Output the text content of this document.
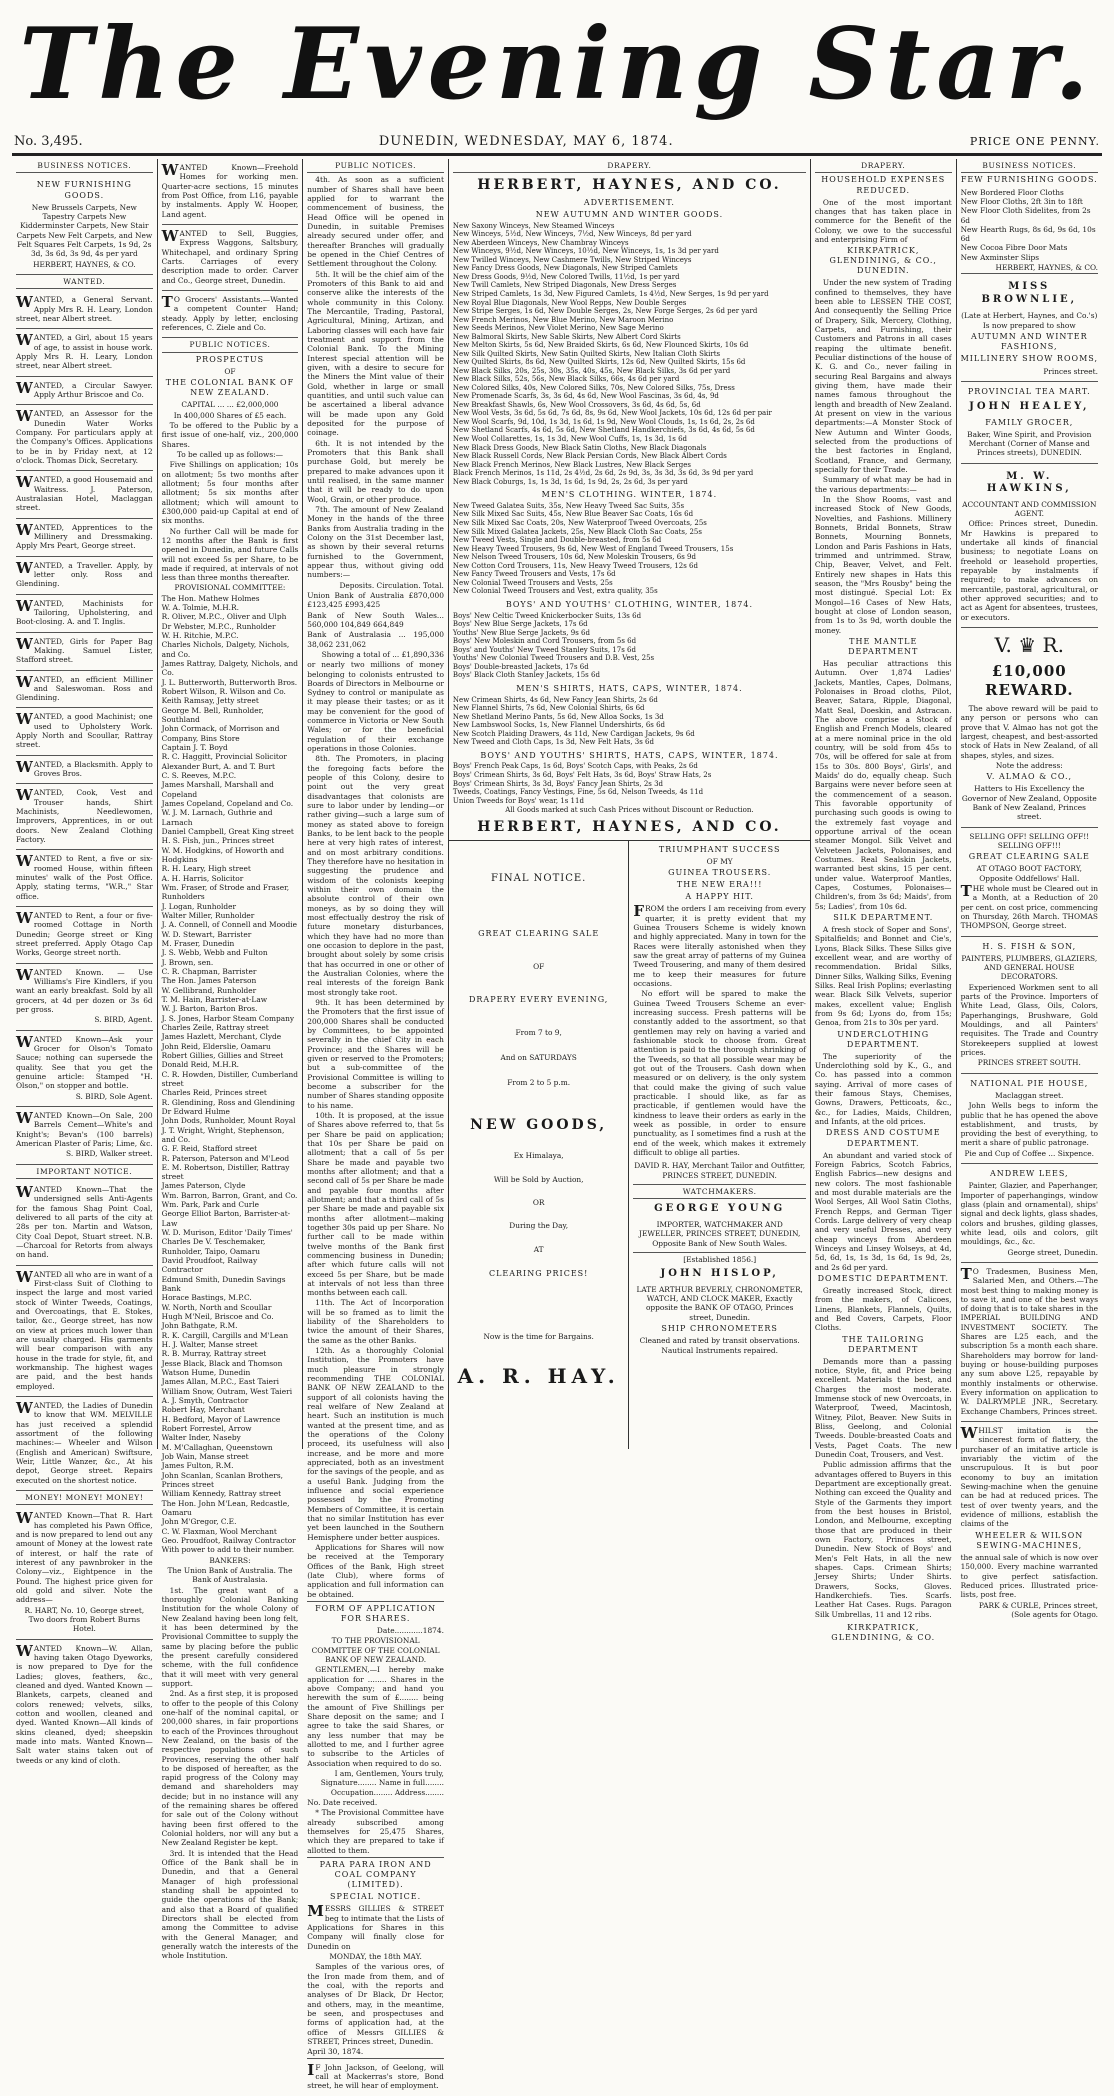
The Evening Star.
No. 3,495.	DUNEDIN, WEDNESDAY, MAY 6, 1874.	PRICE ONE PENNY.
BUSINESS NOTICES.
NEW FURNISHING GOODS.
New Brussels Carpets, New Tapestry Carpets New Kidderminster Carpets, New Stair Carpets New Felt Carpets, and New Felt Squares Felt Carpets, 1s 9d, 2s 3d, 3s 6d, 3s 9d, 4s per yard
HERBERT, HAYNES, & CO.
WANTED.
WANTED, a General Servant. Apply Mrs R. H. Leary, London street, near Albert street.
WANTED, a Girl, about 15 years of age, to assist in house work. Apply Mrs R. H. Leary, London street, near Albert street.
WANTED, a Circular Sawyer. Apply Arthur Briscoe and Co.
WANTED, an Assessor for the Dunedin Water Works Company. For particulars apply at the Company's Offices. Applications to be in by Friday next, at 12 o'clock. Thomas Dick, Secretary.
WANTED, a good Housemaid and Waitress. J. Paterson, Australasian Hotel, Maclaggan street.
WANTED, Apprentices to the Millinery and Dressmaking. Apply Mrs Peart, George street.
WANTED, a Traveller. Apply, by letter only. Ross and Glendining.
WANTED, Machinists for Tailoring, Upholstering, and Boot-closing. A. and T. Inglis.
WANTED, Girls for Paper Bag Making. Samuel Lister, Stafford street.
WANTED, an efficient Milliner and Saleswoman. Ross and Glendining.
WANTED, a good Machinist; one used to Upholstery Work. Apply North and Scoullar, Rattray street.
WANTED, a Blacksmith. Apply to Groves Bros.
WANTED, Cook, Vest and Trouser hands, Shirt Machinists, Needlewomen, Improvers, Apprentices, in or out doors. New Zealand Clothing Factory.
WANTED to Rent, a five or six-roomed House, within fifteen minutes' walk of the Post Office. Apply, stating terms, "W.R.," Star office.
WANTED to Rent, a four or five-roomed Cottage in North Dunedin; George street or King street preferred. Apply Otago Cap Works, George street north.
WANTED Known. — Use Williams's Fire Kindlers, if you want an early breakfast. Sold by all grocers, at 4d per dozen or 3s 6d per gross.
S. BIRD, Agent.
WANTED Known—Ask your Grocer for Olson's Tomato Sauce; nothing can supersede the quality. See that you get the genuine article: Stamped "H. Olson," on stopper and bottle.
S. BIRD, Sole Agent.
WANTED Known—On Sale, 200 Barrels Cement—White's and Knight's; Bevan's (100 barrels) American Plaster of Paris; Lime, &c.
S. BIRD, Walker street.
IMPORTANT NOTICE.
WANTED Known—That the undersigned sells Anti-Agents for the famous Shag Point Coal, delivered to all parts of the city at 28s per ton. Martin and Watson, City Coal Depot, Stuart street. N.B.—Charcoal for Retorts from always on hand.
WANTED all who are in want of a First-class Suit of Clothing to inspect the large and most varied stock of Winter Tweeds, Coatings, and Overcoatings, that E. Stokes, tailor, &c., George street, has now on view at prices much lower than are usually charged. His garments will bear comparison with any house in the trade for style, fit, and workmanship. The highest wages are paid, and the best hands employed.
WANTED, the Ladies of Dunedin to know that WM. MELVILLE has just received a splendid assortment of the following machines:— Wheeler and Wilson (English and American) Swiftsure, Weir, Little Wanzer, &c., At his depot, George street. Repairs executed on the shortest notice.
MONEY! MONEY! MONEY!
WANTED Known—That R. Hart has completed his Pawn Office, and is now prepared to lend out any amount of Money at the lowest rate of interest, or half the rate of interest of any pawnbroker in the Colony—viz., Eightpence in the Pound. The highest price given for old gold and silver. Note the address—
R. HART, No. 10, George street, Two doors from Robert Burns Hotel.
WANTED Known—W. Allan, having taken Otago Dyeworks, is now prepared to Dye for the Ladies; gloves, feathers, &c., cleaned and dyed. Wanted Known — Blankets, carpets, cleaned and colors renewed; velvets, silks, cotton and woollen, cleaned and dyed. Wanted Known—All kinds of skins cleaned, dyed; sheepskin made into mats. Wanted Known—Salt water stains taken out of tweeds or any kind of cloth.
WANTED Known—Freehold Homes for working men. Quarter-acre sections, 15 minutes from Post Office, from L16, payable by instalments. Apply W. Hooper, Land agent.
WANTED to Sell, Buggies, Express Waggons, Saltsbury, Whitechapel, and ordinary Spring Carts. Carriages of every description made to order. Carver and Co., George street, Dunedin.
TO Grocers' Assistants.—Wanted a competent Counter Hand; steady. Apply by letter, enclosing references, C. Ziele and Co.
PUBLIC NOTICES.
PROSPECTUS
OF
THE COLONIAL BANK OF NEW ZEALAND.
CAPITAL ... ... £2,000,000
In 400,000 Shares of £5 each.
To be offered to the Public by a first issue of one-half, viz., 200,000 Shares.
To be called up as follows:—
Five Shillings on application; 10s on allotment; 5s two months after allotment; 5s four months after allotment; 5s six months after allotment; which will amount to £300,000 paid-up Capital at end of six months.
No further Call will be made for 12 months after the Bank is first opened in Dunedin, and future Calls will not exceed 5s per Share, to be made if required, at intervals of not less than three months thereafter.
PROVISIONAL COMMITTEE:
The Hon. Mathew Holmes
W. A. Tolmie, M.H.R.
R. Oliver, M.P.C., Oliver and Ulph
Dr Webster, M.P.C., Runholder
W. H. Ritchie, M.P.C.
Charles Nichols, Dalgety, Nichols, and Co.
James Rattray, Dalgety, Nichols, and Co.
J. L. Butterworth, Butterworth Bros.
Robert Wilson, R. Wilson and Co.
Keith Ramsay, Jetty street
George M. Bell, Runholder, Southland
John Cormack, of Morrison and Company, Bins Store
Captain J. T. Boyd
R. C. Haggitt, Provincial Solicitor
Alexander Burt, A. and T. Burt
C. S. Reeves, M.P.C.
James Marshall, Marshall and Copeland
James Copeland, Copeland and Co.
W. J. M. Larnach, Guthrie and Larnach
Daniel Campbell, Great King street
H. S. Fish, jun., Princes street
W. M. Hodgkins, of Howorth and Hodgkins
R. H. Leary, High street
A. H. Harris, Solicitor
Wm. Fraser, of Strode and Fraser, Runholders
J. Logan, Runholder
Walter Miller, Runholder
J. A. Connell, of Connell and Moodie
W. D. Stewart, Barrister
M. Fraser, Dunedin
J. S. Webb, Webb and Fulton
J. Brown, sen.
C. R. Chapman, Barrister
The Hon. James Paterson
W. Gellibrand, Runholder
T. M. Hain, Barrister-at-Law
W. J. Barton, Barton Bros.
J. S. Jones, Harbor Steam Company
Charles Zeile, Rattray street
James Hazlett, Merchant, Clyde
John Reid, Elderslie, Oamaru
Robert Gillies, Gillies and Street
Donald Reid, M.H.R.
C. R. Howden, Distiller, Cumberland street
Charles Reid, Princes street
R. Glendining, Ross and Glendining
Dr Edward Hulme
John Dods, Runholder, Mount Royal
J. T. Wright, Wright, Stephenson, and Co.
G. F. Reid, Stafford street
R. Paterson, Paterson and M'Leod
E. M. Robertson, Distiller, Rattray street
James Paterson, Clyde
Wm. Barron, Barron, Grant, and Co.
Wm. Park, Park and Curle
George Elliot Barton, Barrister-at-Law
W. D. Murison, Editor 'Daily Times'
Charles De V. Teschemaker, Runholder, Taipo, Oamaru
David Proudfoot, Railway Contractor
Edmund Smith, Dunedin Savings Bank
Horace Bastings, M.P.C.
W. North, North and Scoullar
Hugh M'Neil, Briscoe and Co.
John Bathgate, R.M.
R. K. Cargill, Cargills and M'Lean
H. J. Walter, Manse street
R. B. Murray, Rattray street
Jesse Black, Black and Thomson
Watson Hume, Dunedin
James Allan, M.P.C., East Taieri
William Snow, Outram, West Taieri
A. J. Smyth, Contractor
Robert Hay, Merchant
H. Bedford, Mayor of Lawrence
Robert Forrestel, Arrow
Walter Inder, Naseby
M. M'Callaghan, Queenstown
Job Wain, Manse street
James Fulton, R.M.
John Scanlan, Scanlan Brothers, Princes street
William Kennedy, Rattray street
The Hon. John M'Lean, Redcastle, Oamaru
John M'Gregor, C.E.
C. W. Flaxman, Wool Merchant
Geo. Proudfoot, Railway Contractor
With power to add to their number.
BANKERS:
The Union Bank of Australia. The Bank of Australasia.
1st. The great want of a thoroughly Colonial Banking Institution for the whole Colony of New Zealand having been long felt, it has been determined by the Provisional Committee to supply the same by placing before the public the present carefully considered scheme, with the full confidence that it will meet with very general support.
2nd. As a first step, it is proposed to offer to the people of this Colony one-half of the nominal capital, or 200,000 shares, in fair proportions to each of the Provinces throughout New Zealand, on the basis of the respective populations of such Provinces, reserving the other half to be disposed of hereafter, as the rapid progress of the Colony may demand and shareholders may decide; but in no instance will any of the remaining shares be offered for sale out of the Colony without having been first offered to the Colonial holders, nor will any but a New Zealand Register be kept.
3rd. It is intended that the Head Office of the Bank shall be in Dunedin, and that a General Manager of high professional standing shall be appointed to guide the operations of the Bank; and also that a Board of qualified Directors shall be elected from among the Committee to advise with the General Manager, and generally watch the interests of the whole Institution.
PUBLIC NOTICES.
4th. As soon as a sufficient number of Shares shall have been applied for to warrant the commencement of business, the Head Office will be opened in Dunedin, in suitable Premises already secured under offer, and thereafter Branches will gradually be opened in the Chief Centres of Settlement throughout the Colony.
5th. It will be the chief aim of the Promoters of this Bank to aid and conserve alike the interests of the whole community in this Colony. The Mercantile, Trading, Pastoral, Agricultural, Mining, Artizan, and Laboring classes will each have fair treatment and support from the Colonial Bank. To the Mining Interest special attention will be given, with a desire to secure for the Miners the Mint value of their Gold, whether in large or small quantities, and until such value can be ascertained a liberal advance will be made upon any Gold deposited for the purpose of coinage.
6th. It is not intended by the Promoters that this Bank shall purchase Gold, but merely be prepared to make advances upon it until realised, in the same manner that it will be ready to do upon Wool, Grain, or other produce.
7th. The amount of New Zealand Money in the hands of the three Banks from Australia trading in the Colony on the 31st December last, as shown by their several returns furnished to the Government, appear thus, without giving odd numbers:—
Deposits. Circulation. Total.
Union Bank of Australia £870,000 £123,425 £993,425
Bank of New South Wales... 560,000 104,849 664,849
Bank of Australasia ... 195,000 38,062 231,062
Showing a total of ... £1,890,336
or nearly two millions of money belonging to colonists entrusted to Boards of Directors in Melbourne or Sydney to control or manipulate as it may please their tastes; or as it may be convenient for the good of commerce in Victoria or New South Wales; or for the beneficial regulation of their exchange operations in those Colonies.
8th. The Promoters, in placing the foregoing facts before the people of this Colony, desire to point out the very great disadvantages that colonists are sure to labor under by lending—or rather giving—such a large sum of money as stated above to foreign Banks, to be lent back to the people here at very high rates of interest, and on most arbitrary conditions. They therefore have no hesitation in suggesting the prudence and wisdom of the colonists keeping within their own domain the absolute control of their own moneys, as by so doing they will most effectually destroy the risk of future monetary disturbances, which they have had no more than one occasion to deplore in the past, brought about solely by some crisis that has occurred in one or other of the Australian Colonies, where the real interests of the foreign Bank most strongly take root.
9th. It has been determined by the Promoters that the first issue of 200,000 Shares shall be conducted by Committees, to be appointed severally in the chief City in each Province; and the Shares will be given or reserved to the Promoters; but a sub-committee of the Provisional Committee is willing to become a subscriber for the number of Shares standing opposite to his name.
10th. It is proposed, at the issue of Shares above referred to, that 5s per Share be paid on application; that 10s per Share be paid on allotment; that a call of 5s per Share be made and payable two months after allotment; and that a second call of 5s per Share be made and payable four months after allotment; and that a third call of 5s per Share be made and payable six months after allotment—making together 30s paid up per Share. No further call to be made within twelve months of the Bank first commencing business in Dunedin; after which future calls will not exceed 5s per Share, but be made at intervals of not less than three months between each call.
11th. The Act of Incorporation will be so framed as to limit the liability of the Shareholders to twice the amount of their Shares, the same as the other Banks.
12th. As a thoroughly Colonial Institution, the Promoters have much pleasure in strongly recommending THE COLONIAL BANK OF NEW ZEALAND to the support of all colonists having the real welfare of New Zealand at heart. Such an institution is much wanted at the present time, and as the operations of the Colony proceed, its usefulness will also increase, and be more and more appreciated, both as an investment for the savings of the people, and as a useful Bank. Judging from the influence and social experience possessed by the Promoting Members of Committee, it is certain that no similar Institution has ever yet been launched in the Southern Hemisphere under better auspices.
Applications for Shares will now be received at the Temporary Offices of the Bank, High street (late Club), where forms of application and full information can be obtained.
FORM OF APPLICATION FOR SHARES.
Date............1874.
TO THE PROVISIONAL COMMITTEE OF THE COLONIAL BANK OF NEW ZEALAND.
GENTLEMEN,—I hereby make application for ........ Shares in the above Company; and hand you herewith the sum of £........ being the amount of Five Shillings per Share deposit on the same; and I agree to take the said Shares, or any less number that may be allotted to me, and I further agree to subscribe to the Articles of Association when required to do so.
I am, Gentlemen, Yours truly, Signature........ Name in full........ Occupation........ Address........
No. Date received.
* The Provisional Committee have already subscribed among themselves for 25,475 Shares, which they are prepared to take if allotted to them.
PARA PARA IRON AND COAL COMPANY (LIMITED).
SPECIAL NOTICE.
MESSRS GILLIES & STREET beg to intimate that the Lists of Applications for Shares in this Company will finally close for Dunedin on
MONDAY, the 18th MAY.
Samples of the various ores, of the Iron made from them, and of the coal, with the reports and analyses of Dr Black, Dr Hector, and others, may, in the meantime, be seen, and prospectuses and forms of application had, at the office of Messrs GILLIES & STREET, Princes street, Dunedin.
April 30, 1874.
IF John Jackson, of Geelong, will call at Mackerras's store, Bond street, he will hear of employment.
DRAPERY.
HERBERT, HAYNES, AND CO.
ADVERTISEMENT.
NEW AUTUMN AND WINTER GOODS.
New Saxony Winceys, New Steamed Winceys
New Winceys, 5½d, New Winceys, 7½d, New Winceys, 8d per yard
New Aberdeen Winceys, New Chambray Winceys
New Winceys, 9½d, New Winceys, 10½d, New Winceys, 1s, 1s 3d per yard
New Twilled Winceys, New Cashmere Twills, New Striped Winceys
New Fancy Dress Goods, New Diagonals, New Striped Camlets
New Dress Goods, 9½d, New Colored Twills, 11½d, 1s per yard
New Twill Camlets, New Striped Diagonals, New Dress Serges
New Striped Camlets, 1s 3d, New Figured Camlets, 1s 4½d, New Serges, 1s 9d per yard
New Royal Blue Diagonals, New Wool Repps, New Double Serges
New Stripe Serges, 1s 6d, New Double Serges, 2s, New Forge Serges, 2s 6d per yard
New French Merinos, New Blue Merino, New Maroon Merino
New Seeds Merinos, New Violet Merino, New Sage Merino
New Balmoral Skirts, New Sable Skirts, New Albert Cord Skirts
New Melton Skirts, 5s 6d, New Braided Skirts, 6s 6d, New Flounced Skirts, 10s 6d
New Silk Quilted Skirts, New Satin Quilted Skirts, New Italian Cloth Skirts
New Quilted Skirts, 8s 6d, New Quilted Skirts, 12s 6d, New Quilted Skirts, 15s 6d
New Black Silks, 20s, 25s, 30s, 35s, 40s, 45s, New Black Silks, 3s 6d per yard
New Black Silks, 52s, 56s, New Black Silks, 66s, 4s 6d per yard
New Colored Silks, 40s, New Colored Silks, 70s, New Colored Silks, 75s, Dress
New Promenade Scarfs, 3s, 3s 6d, 4s 6d, New Wool Fascinas, 3s 6d, 4s, 9d
New Breakfast Shawls, 6s, New Wool Crossovers, 3s 6d, 4s 6d, 5s, 6d
New Wool Vests, 3s 6d, 5s 6d, 7s 6d, 8s, 9s 6d, New Wool Jackets, 10s 6d, 12s 6d per pair
New Wool Scarfs, 9d, 10d, 1s 3d, 1s 6d, 1s 9d, New Wool Clouds, 1s, 1s 6d, 2s, 2s 6d
New Shetland Scarfs, 4s 6d, 5s 6d, New Shetland Handkerchiefs, 3s 6d, 4s 6d, 5s 6d
New Wool Collarettes, 1s, 1s 3d, New Wool Cuffs, 1s, 1s 3d, 1s 6d
New Black Dress Goods, New Black Satin Cloths, New Black Diagonals
New Black Russell Cords, New Black Persian Cords, New Black Albert Cords
New Black French Merinos, New Black Lustres, New Black Serges
Black French Merinos, 1s 11d, 2s 4½d, 2s 6d, 2s 9d, 3s, 3s 3d, 3s 6d, 3s 9d per yard
New Black Coburgs, 1s, 1s 3d, 1s 6d, 1s 9d, 2s, 2s 6d, 3s per yard
MEN'S CLOTHING. WINTER, 1874.
New Tweed Galatea Suits, 35s, New Heavy Tweed Sac Suits, 35s
New Silk Mixed Sac Suits, 45s, New Blue Beaver Sac Coats, 16s 6d
New Silk Mixed Sac Coats, 20s, New Waterproof Tweed Overcoats, 25s
New Silk Mixed Galatea Jackets, 25s, New Black Cloth Sac Coats, 25s
New Tweed Vests, Single and Double-breasted, from 5s 6d
New Heavy Tweed Trousers, 9s 6d, New West of England Tweed Trousers, 15s
New Nelson Tweed Trousers, 10s 6d, New Moleskin Trousers, 6s 9d
New Cotton Cord Trousers, 11s, New Heavy Tweed Trousers, 12s 6d
New Fancy Tweed Trousers and Vests, 17s 6d
New Colonial Tweed Trousers and Vests, 25s
New Colonial Tweed Trousers and Vest, extra quality, 35s
BOYS' AND YOUTHS' CLOTHING, WINTER, 1874.
Boys' New Celtic Tweed Knickerbocker Suits, 13s 6d
Boys' New Blue Serge Jackets, 17s 6d
Youths' New Blue Serge Jackets, 9s 6d
Boys' New Moleskin and Cord Trousers, from 5s 6d
Boys' and Youths' New Tweed Stanley Suits, 17s 6d
Youths' New Colonial Tweed Trousers and D.B. Vest, 25s
Boys' Double-breasted Jackets, 17s 6d
Boys' Black Cloth Stanley Jackets, 15s 6d
MEN'S SHIRTS, HATS, CAPS, WINTER, 1874.
New Crimean Shirts, 4s 6d, New Fancy Jean Shirts, 2s 6d
New Flannel Shirts, 7s 6d, New Colonial Shirts, 6s 6d
New Shetland Merino Pants, 5s 6d, New Alloa Socks, 1s 3d
New Lambswool Socks, 1s, New Flannel Undershirts, 6s 6d
New Scotch Plaiding Drawers, 4s 11d, New Cardigan Jackets, 9s 6d
New Tweed and Cloth Caps, 1s 3d, New Felt Hats, 3s 6d
BOYS' AND YOUTHS' SHIRTS, HATS, CAPS, WINTER, 1874.
Boys' French Peak Caps, 1s 6d, Boys' Scotch Caps, with Peaks, 2s 6d
Boys' Crimean Shirts, 3s 6d, Boys' Felt Hats, 3s 6d, Boys' Straw Hats, 2s
Boys' Crimean Shirts, 3s 3d, Boys' Fancy Jean Shirts, 2s 3d
Tweeds, Coatings, Fancy Vestings, Fine, 5s 6d, Nelson Tweeds, 4s 11d
Union Tweeds for Boys' wear, 1s 11d
All Goods marked at such Cash Prices without Discount or Reduction.
HERBERT, HAYNES, AND CO.
FINAL NOTICE.
GREAT CLEARING SALE
OF
DRAPERY EVERY EVENING,
From 7 to 9,
And on SATURDAYS
From 2 to 5 p.m.
NEW GOODS,
Ex Himalaya,
Will be Sold by Auction,
OR
During the Day,
AT
CLEARING PRICES!
Now is the time for Bargains.
A. R. HAY.
TRIUMPHANT SUCCESS
OF MY
GUINEA TROUSERS.
THE NEW ERA!!!
A HAPPY HIT.
FROM the orders I am receiving from every quarter, it is pretty evident that my Guinea Trousers Scheme is widely known and highly appreciated. Many in town for the Races were literally astonished when they saw the great array of patterns of my Guinea Tweed Trousering, and many of them desired me to keep their measures for future occasions.
No effort will be spared to make the Guinea Tweed Trousers Scheme an ever-increasing success. Fresh patterns will be constantly added to the assortment, so that gentlemen may rely on having a varied and fashionable stock to choose from. Great attention is paid to the thorough shrinking of the Tweeds, so that all possible wear may be got out of the Trousers. Cash down when measured or on delivery, is the only system that could make the giving of such value practicable. I should like, as far as practicable, if gentlemen would have the kindness to leave their orders as early in the week as possible, in order to ensure punctuality, as I sometimes find a rush at the end of the week, which makes it extremely difficult to oblige all parties.
DAVID R. HAY, Merchant Tailor and Outfitter, PRINCES STREET, DUNEDIN.
WATCHMAKERS.
GEORGE YOUNG
IMPORTER, WATCHMAKER AND JEWELLER, PRINCES STREET, DUNEDIN, Opposite Bank of New South Wales.
[Established 1856.]
JOHN HISLOP,
LATE ARTHUR BEVERLY, CHRONOMETER, WATCH, AND CLOCK MAKER, Exactly opposite the BANK OF OTAGO, Princes street, Dunedin.
SHIP CHRONOMETERS
Cleaned and rated by transit observations. Nautical Instruments repaired.
DRAPERY.
HOUSEHOLD EXPENSES REDUCED.
One of the most important changes that has taken place in commerce for the Benefit of the Colony, we owe to the successful and enterprising Firm of
KIRKPATRICK, GLENDINING, & CO., DUNEDIN.
Under the new system of Trading confined to themselves, they have been able to LESSEN THE COST, And consequently the Selling Price of Drapery, Silk, Mercery, Clothing, Carpets, and Furnishing, their Customers and Patrons in all cases reaping the ultimate benefit. Peculiar distinctions of the house of K. G. and Co., never failing in securing Real Bargains and always giving them, have made their names famous throughout the length and breadth of New Zealand. At present on view in the various departments:—A Monster Stock of New Autumn and Winter Goods, selected from the productions of the best factories in England, Scotland, France, and Germany, specially for their Trade.
Summary of what may be had in the various departments:—
In the Show Rooms, vast and increased Stock of New Goods, Novelties, and Fashions. Millinery Bonnets, Bridal Bonnets, Straw Bonnets, Mourning Bonnets, London and Paris Fashions in Hats, trimmed and untrimmed. Straw, Chip, Beaver, Velvet, and Felt. Entirely new shapes in Hats this season, the "Mrs Rousby" being the most distingué. Special Lot: Ex Mongol—16 Cases of New Hats, bought at close of London season, from 1s to 3s 9d, worth double the money.
THE MANTLE DEPARTMENT
Has peculiar attractions this Autumn. Over 1,874 Ladies' Jackets, Mantles, Capes, Dolmans, Polonaises in Broad cloths, Pilot, Beaver, Satara, Ripple, Diagonal, Matt Seal, Doeskin, and Astracan. The above comprise a Stock of English and French Models, cleared at a mere nominal price in the old country, will be sold from 45s to 70s, will be offered for sale at from 15s to 30s. 800 Boys', Girls', and Maids' do do, equally cheap. Such Bargains were never before seen at the commencement of a season. This favorable opportunity of purchasing such goods is owing to the extremely fast voyage and opportune arrival of the ocean steamer Mongol. Silk Velvet and Velveteen Jackets, Polonaises, and Costumes. Real Sealskin Jackets, warranted best skins, 15 per cent. under value. Waterproof Mantles, Capes, Costumes, Polonaises—Children's, from 3s 6d; Maids', from 5s; Ladies', from 10s 6d.
SILK DEPARTMENT.
A fresh stock of Soper and Sons', Spitalfields; and Bonnet and Cie's, Lyons, Black Silks. These Silks give excellent wear, and are worthy of recommendation. Bridal Silks, Dinner Silks, Walking Silks, Evening Silks. Real Irish Poplins; everlasting wear. Black Silk Velvets, superior makes, excellent value; English from 9s 6d; Lyons do, from 15s; Genoa, from 21s to 30s per yard.
UNDERCLOTHING DEPARTMENT.
The superiority of the Underclothing sold by K., G., and Co. has passed into a common saying. Arrival of more cases of their famous Stays, Chemises, Gowns, Drawers, Petticoats, &c., &c., for Ladies, Maids, Children, and Infants, at the old prices.
DRESS AND COSTUME DEPARTMENT.
An abundant and varied stock of Foreign Fabrics, Scotch Fabrics, English Fabrics—new designs and new colors. The most fashionable and most durable materials are the Wool Serges, All Wool Satin Cloths, French Repps, and German Tiger Cords. Large delivery of very cheap and very useful Dresses, and very cheap winceys from Aberdeen Winceys and Linsey Wolseys, at 4d, 5d, 6d, 1s, 1s 3d, 1s 6d, 1s 9d, 2s, and 2s 6d per yard.
DOMESTIC DEPARTMENT.
Greatly increased Stock, direct from the makers, of Calicoes, Linens, Blankets, Flannels, Quilts, and Bed Covers, Carpets, Floor Cloths.
THE TAILORING DEPARTMENT
Demands more than a passing notice, Style, fit, and Price being excellent. Materials the best, and Charges the most moderate. Immense stock of new Overcoats, in Waterproof, Tweed, Macintosh, Witney, Pilot, Beaver. New Suits in Bliss, Geelong, and Colonial Tweeds. Double-breasted Coats and Vests, Paget Coats. The new Dunedin Coat, Trousers, and Vest.
Public admission affirms that the advantages offered to Buyers in this Department are exceptionally great. Nothing can exceed the Quality and Style of the Garments they import from the best houses in Bristol, London, and Melbourne, excepting those that are produced in their own Factory, Princes street, Dunedin. New Stock of Boys' and Men's Felt Hats, in all the new shapes. Caps. Crimean Shirts; Jersey Shirts; Under Shirts. Drawers, Socks, Gloves. Handkerchiefs. Ties. Scarfs. Leather Hat Cases. Rugs. Paragon Silk Umbrellas, 11 and 12 ribs.
KIRKPATRICK, GLENDINING, & CO.
BUSINESS NOTICES.
FEW FURNISHING GOODS.
New Bordered Floor Cloths
New Floor Cloths, 2ft 3in to 18ft
New Floor Cloth Sidelites, from 2s 6d
New Hearth Rugs, 8s 6d, 9s 6d, 10s 6d
New Cocoa Fibre Door Mats
New Axminster Slips
HERBERT, HAYNES, & CO.
MISS BROWNLIE,
(Late at Herbert, Haynes, and Co.'s)
Is now prepared to show
AUTUMN AND WINTER FASHIONS,
MILLINERY SHOW ROOMS,
Princes street.
PROVINCIAL TEA MART.
JOHN HEALEY,
FAMILY GROCER,
Baker, Wine Spirit, and Provision Merchant (Corner of Manse and Princes streets), DUNEDIN.
M. W. HAWKINS,
ACCOUNTANT AND COMMISSION AGENT.
Office: Princes street, Dunedin. Mr Hawkins is prepared to undertake all kinds of financial business; to negotiate Loans on freehold or leasehold properties, repayable by instalments if required; to make advances on mercantile, pastoral, agricultural, or other approved securities; and to act as Agent for absentees, trustees, or executors.
V. ♛ R.
£10,000 REWARD.
The above reward will be paid to any person or persons who can prove that V. Almao has not got the largest, cheapest, and best-assorted stock of Hats in New Zealand, of all shapes, styles, and sizes.
Note the address:
V. ALMAO & CO.,
Hatters to His Excellency the Governor of New Zealand, Opposite Bank of New Zealand, Princes street.
SELLING OFF! SELLING OFF!! SELLING OFF!!!
GREAT CLEARING SALE
AT OTAGO BOOT FACTORY, Opposite Oddfellows' Hall.
THE whole must be Cleared out in a Month, at a Reduction of 20 per cent. on cost price, commencing on Thursday, 26th March. THOMAS THOMPSON, George street.
H. S. FISH & SON,
PAINTERS, PLUMBERS, GLAZIERS, AND GENERAL HOUSE DECORATORS.
Experienced Workmen sent to all parts of the Province. Importers of White Lead, Glass, Oils, Colors, Paperhangings, Brushware, Gold Mouldings, and all Painters' requisites. The Trade and Country Storekeepers supplied at lowest prices.
PRINCES STREET SOUTH.
NATIONAL PIE HOUSE,
Maclaggan street.
John Wells begs to inform the public that he has opened the above establishment, and trusts, by providing the best of everything, to merit a share of public patronage.
Pie and Cup of Coffee ... Sixpence.
ANDREW LEES,
Painter, Glazier, and Paperhanger, Importer of paperhangings, window glass (plain and ornamental), ships' signal and deck lights, glass shades, colors and brushes, gilding glasses, white lead, oils and colors, gilt mouldings, &c., &c.
George street, Dunedin.
TO Tradesmen, Business Men, Salaried Men, and Others.—The most best thing to making money is to save it, and one of the best ways of doing that is to take shares in the IMPERIAL BUILDING AND INVESTMENT SOCIETY. The Shares are L25 each, and the subscription 5s a month each share. Shareholders may borrow for land-buying or house-building purposes any sum above L25, repayable by monthly instalments or otherwise. Every information on application to W. DALRYMPLE JNR., Secretary. Exchange Chambers, Princes street.
WHILST imitation is the sincerest form of flattery, the purchaser of an imitative article is invariably the victim of the unscrupulous. It is but poor economy to buy an imitation Sewing-machine when the genuine can be had at reduced prices. The test of over twenty years, and the evidence of millions, establish the claims of the
WHEELER & WILSON SEWING-MACHINES,
the annual sale of which is now over 150,000. Every machine warranted to give perfect satisfaction. Reduced prices. Illustrated price-lists, post free.
PARK & CURLE, Princes street, (Sole agents for Otago.
